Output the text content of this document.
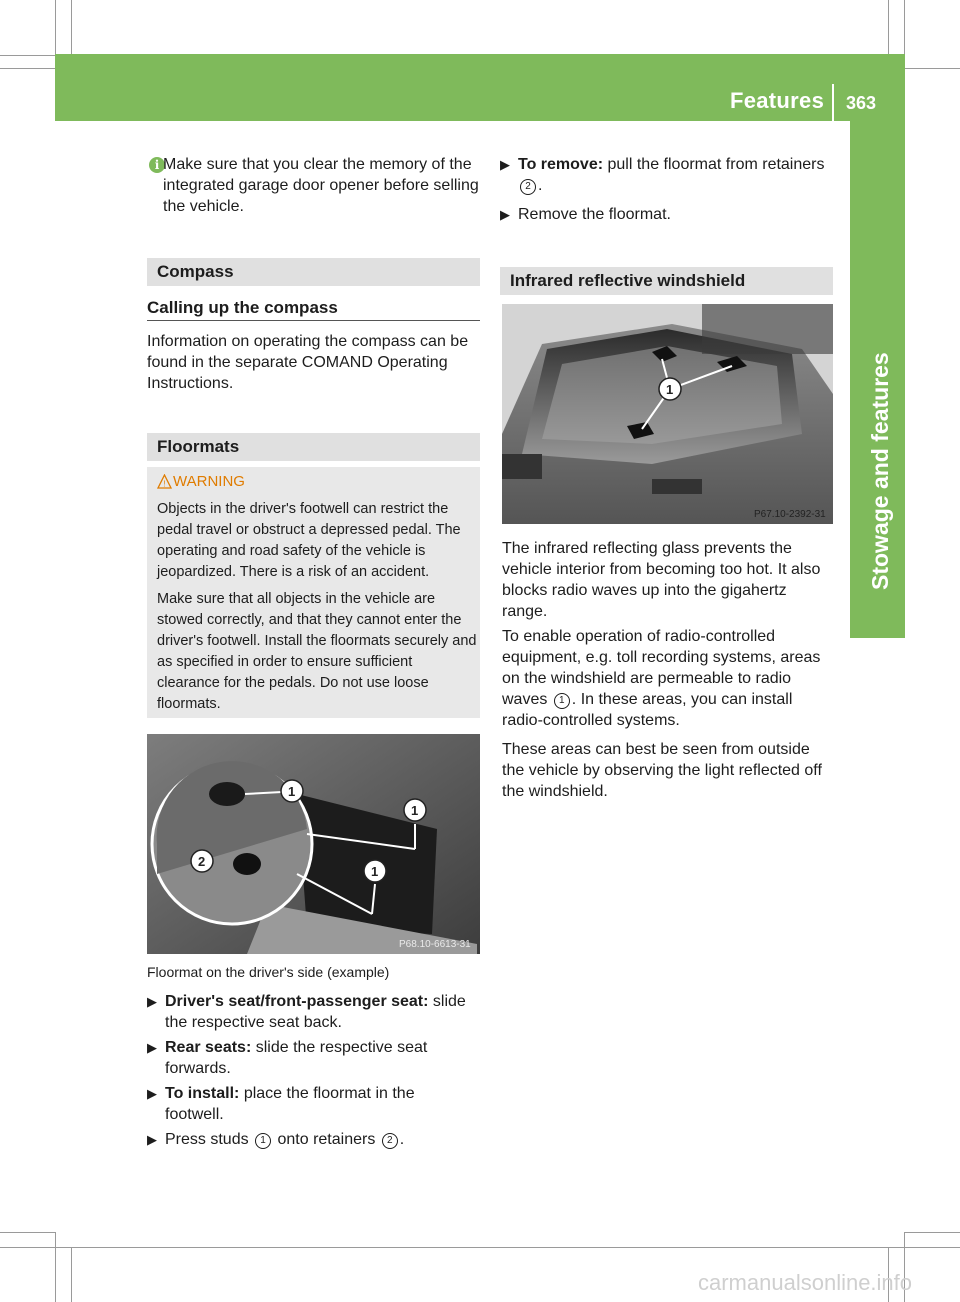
Features 363
Stowage and features
i Make sure that you clear the memory of the integrated garage door opener before selling the vehicle.

Compass
Calling up the compass

Information on operating the compass can be found in the separate COMAND Operating Instructions.

Floormats
! WARNING

Objects in the driver's footwell can restrict the pedal travel or obstruct a depressed pedal. The operating and road safety of the vehicle is jeopardized. There is a risk of an accident.

Make sure that all objects in the vehicle are stowed correctly, and that they cannot enter the driver's footwell. Install the floormats securely and as specified in order to ensure sufficient clearance for the pedals. Do not use loose floormats.

1
1
1
2
P68.10-6613-31

Floormat on the driver's side (example)

▶ Driver's seat/front-passenger seat: slide the respective seat back.

▶ Rear seats: slide the respective seat forwards.

▶ To install: place the floormat in the footwell.

▶ Press studs 1 onto retainers 2 .

▶ To remove: pull the floormat from retainers 2 .

▶ Remove the floormat.

Infrared reflective windshield
1
P67.10-2392-31

The infrared reflecting glass prevents the vehicle interior from becoming too hot. It also blocks radio waves up into the gigahertz range.

To enable operation of radio-controlled equipment, e.g. toll recording systems, areas on the windshield are permeable to radio waves 1 . In these areas, you can install radio-controlled systems.

These areas can best be seen from outside the vehicle by observing the light reflected off the windshield.

carmanualsonline.info
